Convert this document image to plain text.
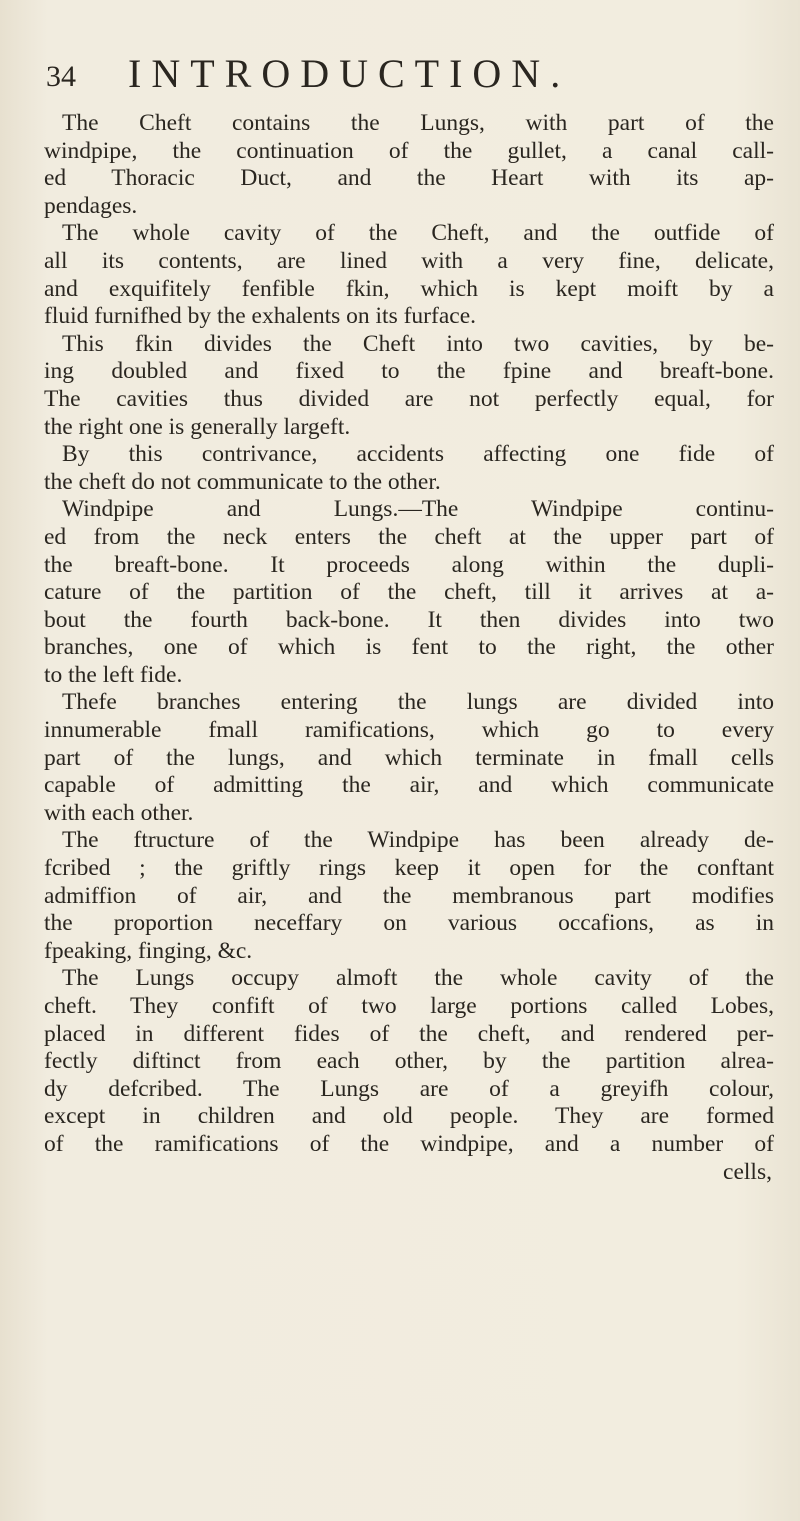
34 INTRODUCTION.
The Cheft contains the Lungs, with part of the
windpipe, the continuation of the gullet, a canal call-
ed Thoracic Duct, and the Heart with its ap-
pendages.
The whole cavity of the Cheft, and the outfide of
all its contents, are lined with a very fine, delicate,
and exquifitely fenfible fkin, which is kept moift by a
fluid furnifhed by the exhalents on its furface.
This fkin divides the Cheft into two cavities, by be-
ing doubled and fixed to the fpine and breaft-bone.
The cavities thus divided are not perfectly equal, for
the right one is generally largeft.
By this contrivance, accidents affecting one fide of
the cheft do not communicate to the other.
Windpipe and Lungs.—The Windpipe continu-
ed from the neck enters the cheft at the upper part of
the breaft-bone. It proceeds along within the dupli-
cature of the partition of the cheft, till it arrives at a-
bout the fourth back-bone. It then divides into two
branches, one of which is fent to the right, the other
to the left fide.
Thefe branches entering the lungs are divided into
innumerable fmall ramifications, which go to every
part of the lungs, and which terminate in fmall cells
capable of admitting the air, and which communicate
with each other.
The ftructure of the Windpipe has been already de-
fcribed ; the griftly rings keep it open for the conftant
admiffion of air, and the membranous part modifies
the proportion neceffary on various occafions, as in
fpeaking, finging, &c.
The Lungs occupy almoft the whole cavity of the
cheft. They confift of two large portions called Lobes,
placed in different fides of the cheft, and rendered per-
fectly diftinct from each other, by the partition alrea-
dy defcribed. The Lungs are of a greyifh colour,
except in children and old people. They are formed
of the ramifications of the windpipe, and a number of
cells,
